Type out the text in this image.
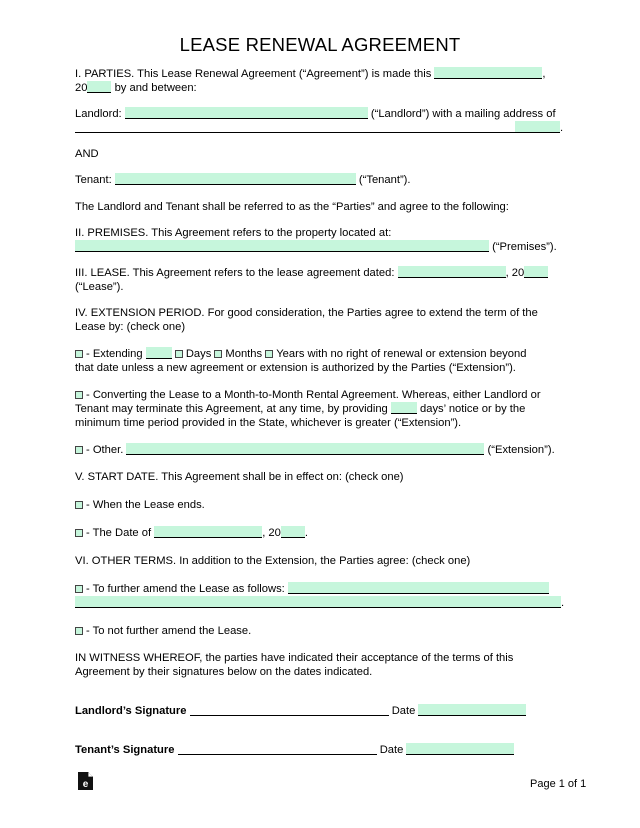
LEASE RENEWAL AGREEMENT
I. PARTIES. This Lease Renewal Agreement (“Agreement”) is made this	,
20 by and between:
Landlord:	(“Landlord”) with a mailing address of
.
AND
Tenant:	(“Tenant”).
The Landlord and Tenant shall be referred to as the “Parties” and agree to the following:
II. PREMISES. This Agreement refers to the property located at:
(“Premises”).
III. LEASE. This Agreement refers to the lease agreement dated:	, 20
(“Lease”).
IV. EXTENSION PERIOD. For good consideration, the Parties agree to extend the term of the
Lease by: (check one)
- Extending	Days Months Years with no right of renewal or extension beyond
that date unless a new agreement or extension is authorized by the Parties (“Extension”).
- Converting the Lease to a Month-to-Month Rental Agreement. Whereas, either Landlord or
Tenant may terminate this Agreement, at any time, by providing	days’ notice or by the
minimum time period provided in the State, whichever is greater (“Extension”).
- Other.	(“Extension”).
V. START DATE. This Agreement shall be in effect on: (check one)
- When the Lease ends.
- The Date of	, 20 .
VI. OTHER TERMS. In addition to the Extension, the Parties agree: (check one)
- To further amend the Lease as follows:
.
- To not further amend the Lease.
IN WITNESS WHEREOF, the parties have indicated their acceptance of the terms of this
Agreement by their signatures below on the dates indicated.
Landlord’s Signature	Date
Tenant’s Signature	Date
e	Page 1 of 1
